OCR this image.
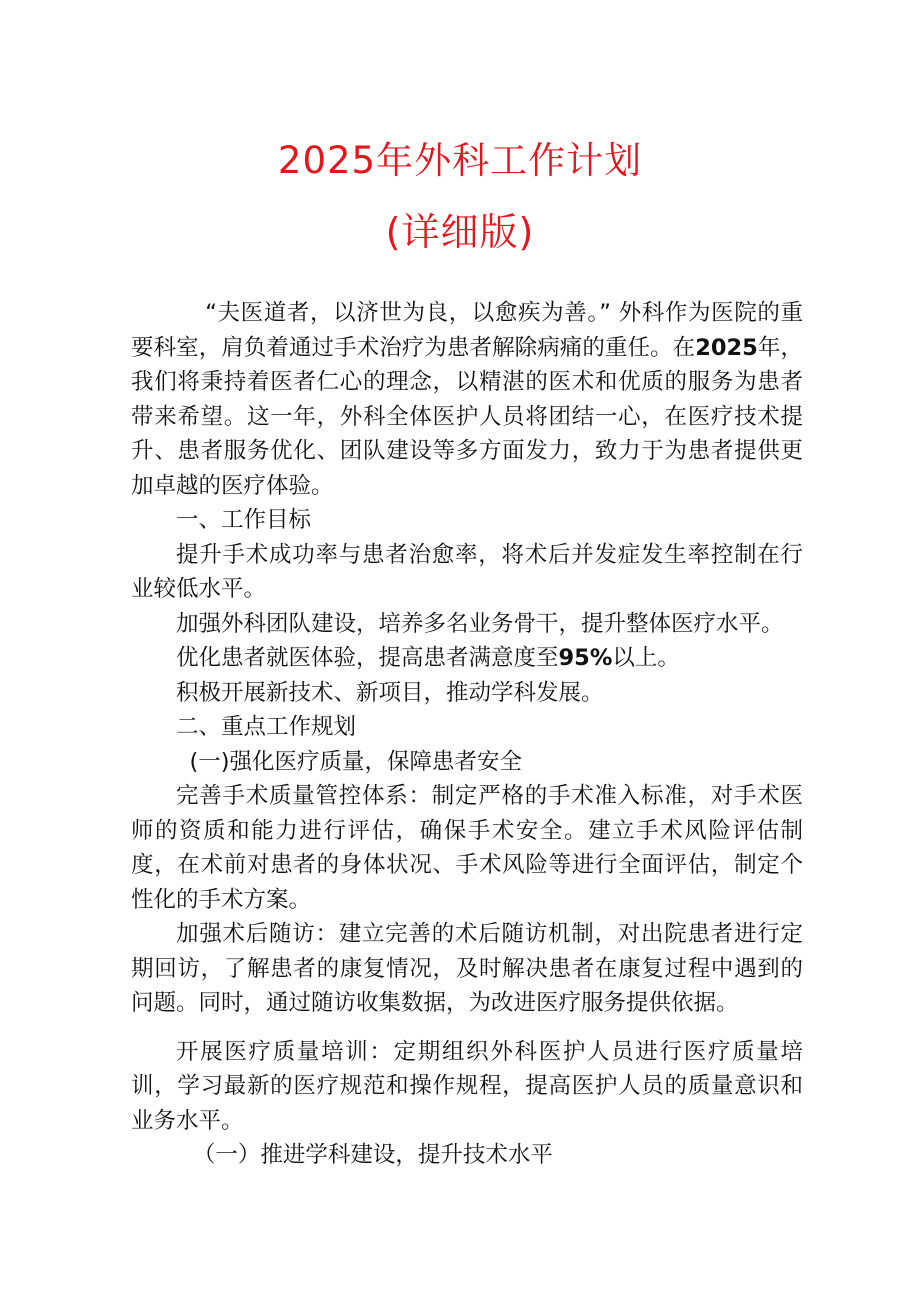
2025年外科工作计划
(详细版)

“夫医道者，以济世为良，以愈疾为善。” 外科作为医院的重要科室，肩负着通过手术治疗为患者解除病痛的重任。在2025年，我们将秉持着医者仁心的理念，以精湛的医术和优质的服务为患者带来希望。这一年，外科全体医护人员将团结一心，在医疗技术提升、患者服务优化、团队建设等多方面发力，致力于为患者提供更加卓越的医疗体验。

一、工作目标

提升手术成功率与患者治愈率，将术后并发症发生率控制在行业较低水平。

加强外科团队建设，培养多名业务骨干，提升整体医疗水平。

优化患者就医体验，提高患者满意度至95%以上。

积极开展新技术、新项目，推动学科发展。

二、重点工作规划

(一)强化医疗质量，保障患者安全

完善手术质量管控体系：制定严格的手术准入标准，对手术医师的资质和能力进行评估，确保手术安全。建立手术风险评估制度，在术前对患者的身体状况、手术风险等进行全面评估，制定个性化的手术方案。

加强术后随访：建立完善的术后随访机制，对出院患者进行定期回访，了解患者的康复情况，及时解决患者在康复过程中遇到的问题。同时，通过随访收集数据，为改进医疗服务提供依据。

开展医疗质量培训：定期组织外科医护人员进行医疗质量培训，学习最新的医疗规范和操作规程，提高医护人员的质量意识和业务水平。

（一）推进学科建设，提升技术水平
